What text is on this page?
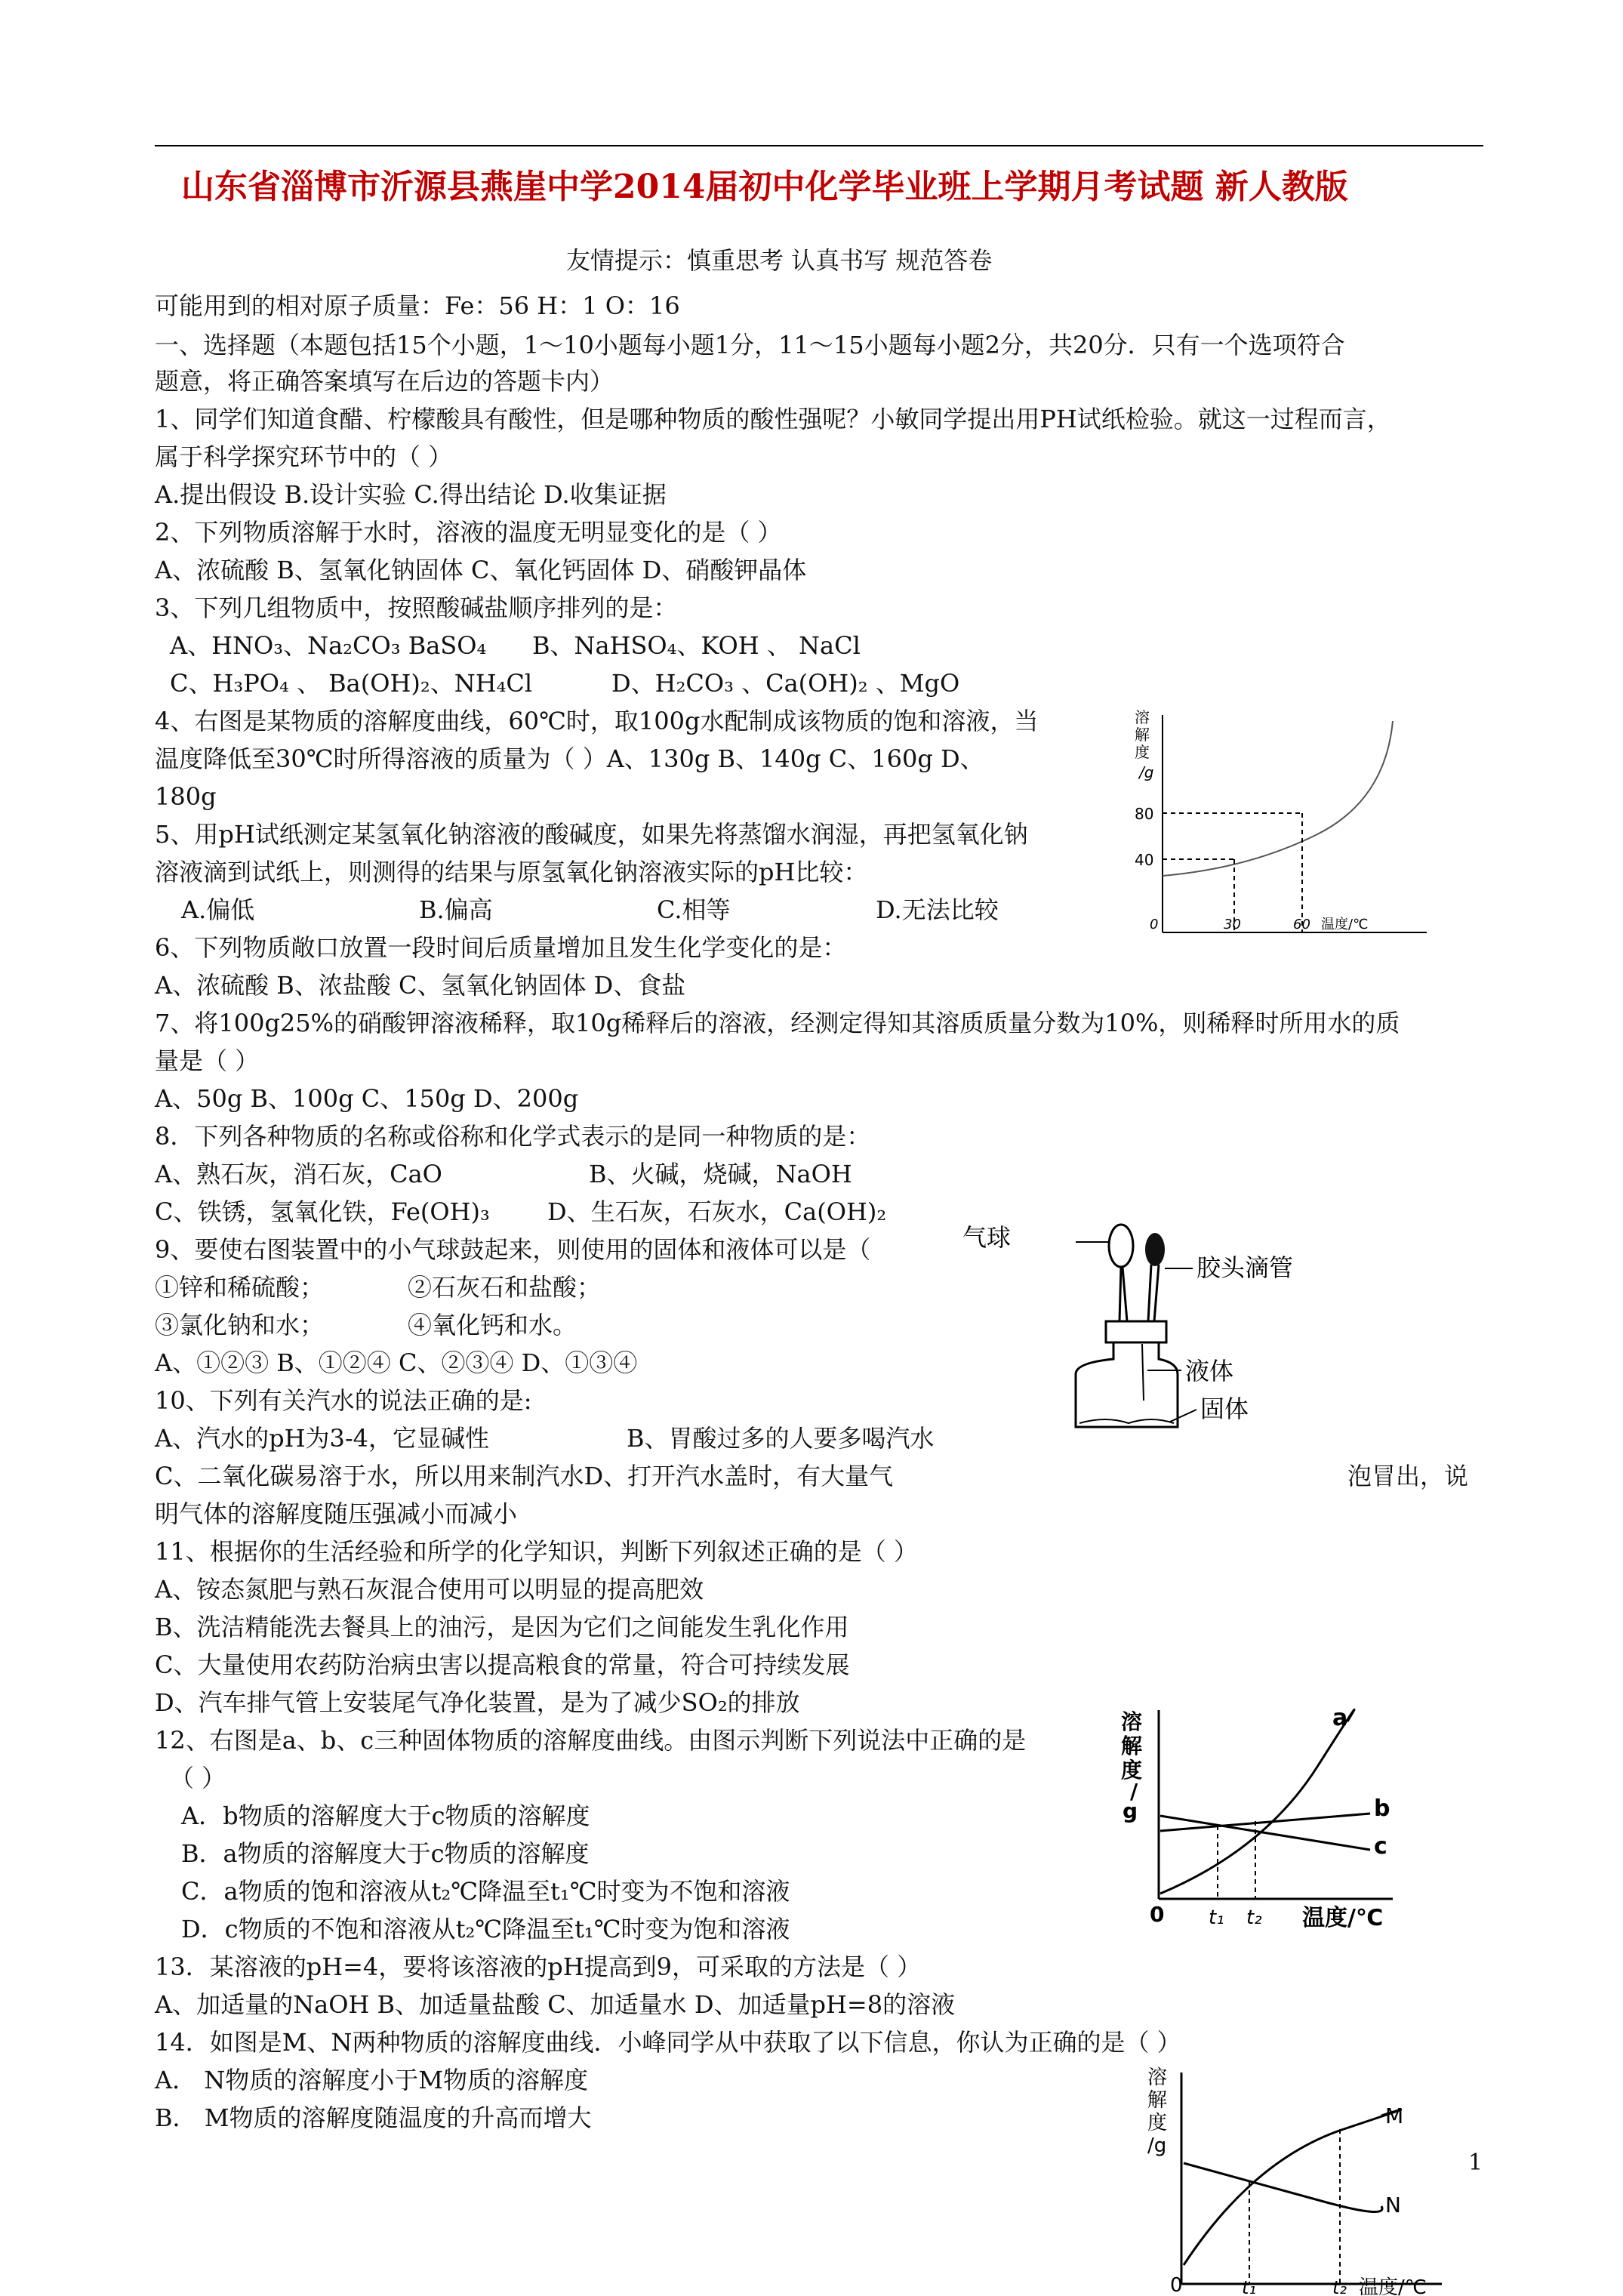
山东省淄博市沂源县燕崖中学2014届初中化学毕业班上学期月考试题 新人教版
友情提示：慎重思考 认真书写 规范答卷
可能用到的相对原子质量：Fe：56 H：1 O：16
一、选择题（本题包括15个小题，1～10小题每小题1分，11～15小题每小题2分，共20分．只有一个选项符合
题意，将正确答案填写在后边的答题卡内）
1、同学们知道食醋、柠檬酸具有酸性，但是哪种物质的酸性强呢？小敏同学提出用PH试纸检验。就这一过程而言，
属于科学探究环节中的（ ）
A.提出假设 B.设计实验 C.得出结论 D.收集证据
2、下列物质溶解于水时，溶液的温度无明显变化的是（ ）
A、浓硫酸 B、氢氧化钠固体 C、氧化钙固体 D、硝酸钾晶体
3、下列几组物质中，按照酸碱盐顺序排列的是：
A、HNO₃、Na₂CO₃ BaSO₄ B、NaHSO₄、KOH 、 NaCl
C、H₃PO₄ 、 Ba(OH)₂、NH₄Cl	D、H₂CO₃ 、Ca(OH)₂ 、MgO
4、右图是某物质的溶解度曲线，60℃时，取100g水配制成该物质的饱和溶液，当
温度降低至30℃时所得溶液的质量为（ ）A、130g B、140g C、160g D、
180g
5、用pH试纸测定某氢氧化钠溶液的酸碱度，如果先将蒸馏水润湿，再把氢氧化钠
溶液滴到试纸上，则测得的结果与原氢氧化钠溶液实际的pH比较：
A.偏低	B.偏高	C.相等	D.无法比较
6、下列物质敞口放置一段时间后质量增加且发生化学变化的是：
A、浓硫酸 B、浓盐酸 C、氢氧化钠固体 D、食盐
7、将100g25%的硝酸钾溶液稀释，取10g稀释后的溶液，经测定得知其溶质质量分数为10%，则稀释时所用水的质
量是（ ）
A、50g B、100g C、150g D、200g
8．下列各种物质的名称或俗称和化学式表示的是同一种物质的是：
A、熟石灰，消石灰，CaO	B、火碱，烧碱，NaOH
C、铁锈，氢氧化铁，Fe(OH)₃ D、生石灰，石灰水，Ca(OH)₂
9、要使右图装置中的小气球鼓起来，则使用的固体和液体可以是（
①锌和稀硫酸；	②石灰石和盐酸；
③氯化钠和水；	④氧化钙和水。
A、①②③ B、①②④ C、②③④ D、①③④
10、下列有关汽水的说法正确的是:
A、汽水的pH为3-4，它显碱性	B、胃酸过多的人要多喝汽水
C、二氧化碳易溶于水，所以用来制汽水D、打开汽水盖时，有大量气	泡冒出，说
明气体的溶解度随压强减小而减小
11、根据你的生活经验和所学的化学知识，判断下列叙述正确的是（ ）
A、铵态氮肥与熟石灰混合使用可以明显的提高肥效
B、洗洁精能洗去餐具上的油污，是因为它们之间能发生乳化作用
C、大量使用农药防治病虫害以提高粮食的常量，符合可持续发展
D、汽车排气管上安装尾气净化装置，是为了减少SO₂的排放
12、右图是a、b、c三种固体物质的溶解度曲线。由图示判断下列说法中正确的是
（ ）
A．b物质的溶解度大于c物质的溶解度
B．a物质的溶解度大于c物质的溶解度
C．a物质的饱和溶液从t₂℃降温至t₁℃时变为不饱和溶液
D．c物质的不饱和溶液从t₂℃降温至t₁℃时变为饱和溶液
13．某溶液的pH=4，要将该溶液的pH提高到9，可采取的方法是（ ）
A、加适量的NaOH B、加适量盐酸 C、加适量水 D、加适量pH=8的溶液
14．如图是M、N两种物质的溶解度曲线．小峰同学从中获取了以下信息，你认为正确的是（ ）
A． N物质的溶解度小于M物质的溶解度
B． M物质的溶解度随温度的升高而增大
1
溶
解
度
/g
80
40
0	30	60 温度/℃
气球
胶头滴管
液体
固体
溶
解
度
/
g
a
b
c
0 t₁ t₂ 温度/℃
溶
解
度
/g
M
N
0	t₁	t₂ 温度/℃
